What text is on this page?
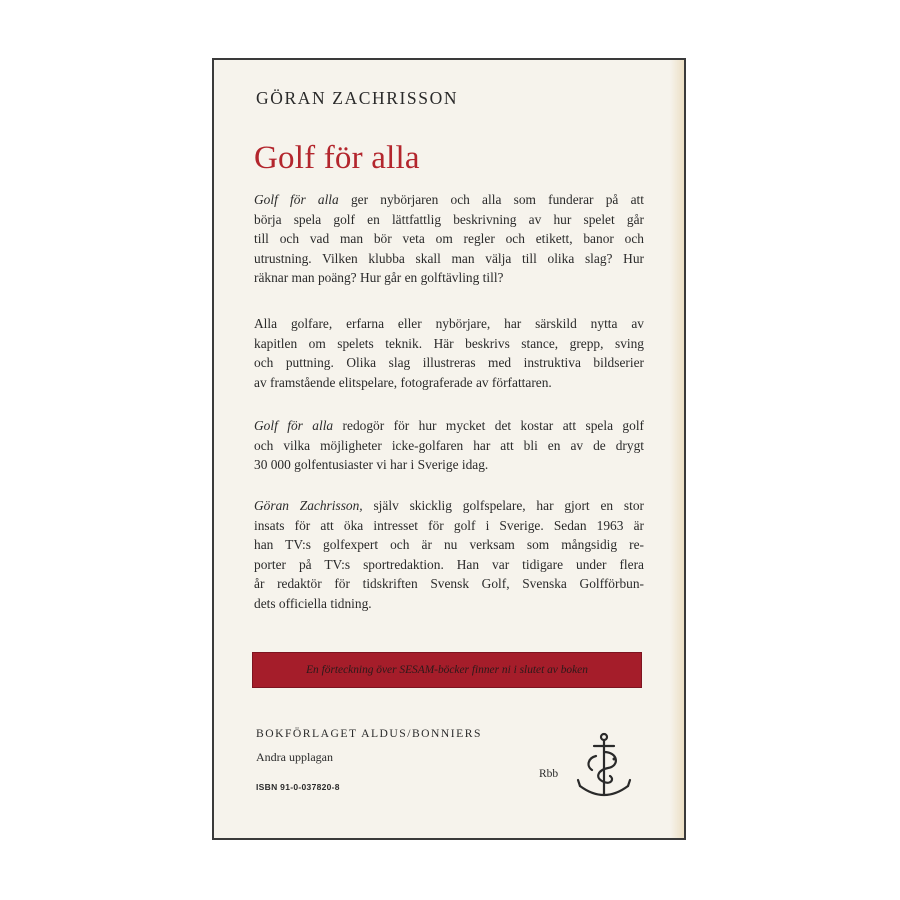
GÖRAN ZACHRISSON
Golf för alla

Golf för alla ger nybörjaren och alla som funderar på att
börja spela golf en lättfattlig beskrivning av hur spelet går
till och vad man bör veta om regler och etikett, banor och
utrustning. Vilken klubba skall man välja till olika slag? Hur
räknar man poäng? Hur går en golftävling till?

Alla golfare, erfarna eller nybörjare, har särskild nytta av
kapitlen om spelets teknik. Här beskrivs stance, grepp, sving
och puttning. Olika slag illustreras med instruktiva bildserier
av framstående elitspelare, fotograferade av författaren.

Golf för alla redogör för hur mycket det kostar att spela golf
och vilka möjligheter icke-golfaren har att bli en av de drygt
30 000 golfentusiaster vi har i Sverige idag.

Göran Zachrisson, själv skicklig golfspelare, har gjort en stor
insats för att öka intresset för golf i Sverige. Sedan 1963 är
han TV:s golfexpert och är nu verksam som mångsidig re-
porter på TV:s sportredaktion. Han var tidigare under flera
år redaktör för tidskriften Svensk Golf, Svenska Golfförbun-
dets officiella tidning.

En förteckning över SESAM-böcker finner ni i slutet av boken
BOKFÖRLAGET ALDUS/BONNIERS
Andra upplagan
ISBN 91-0-037820-8
Rbb
